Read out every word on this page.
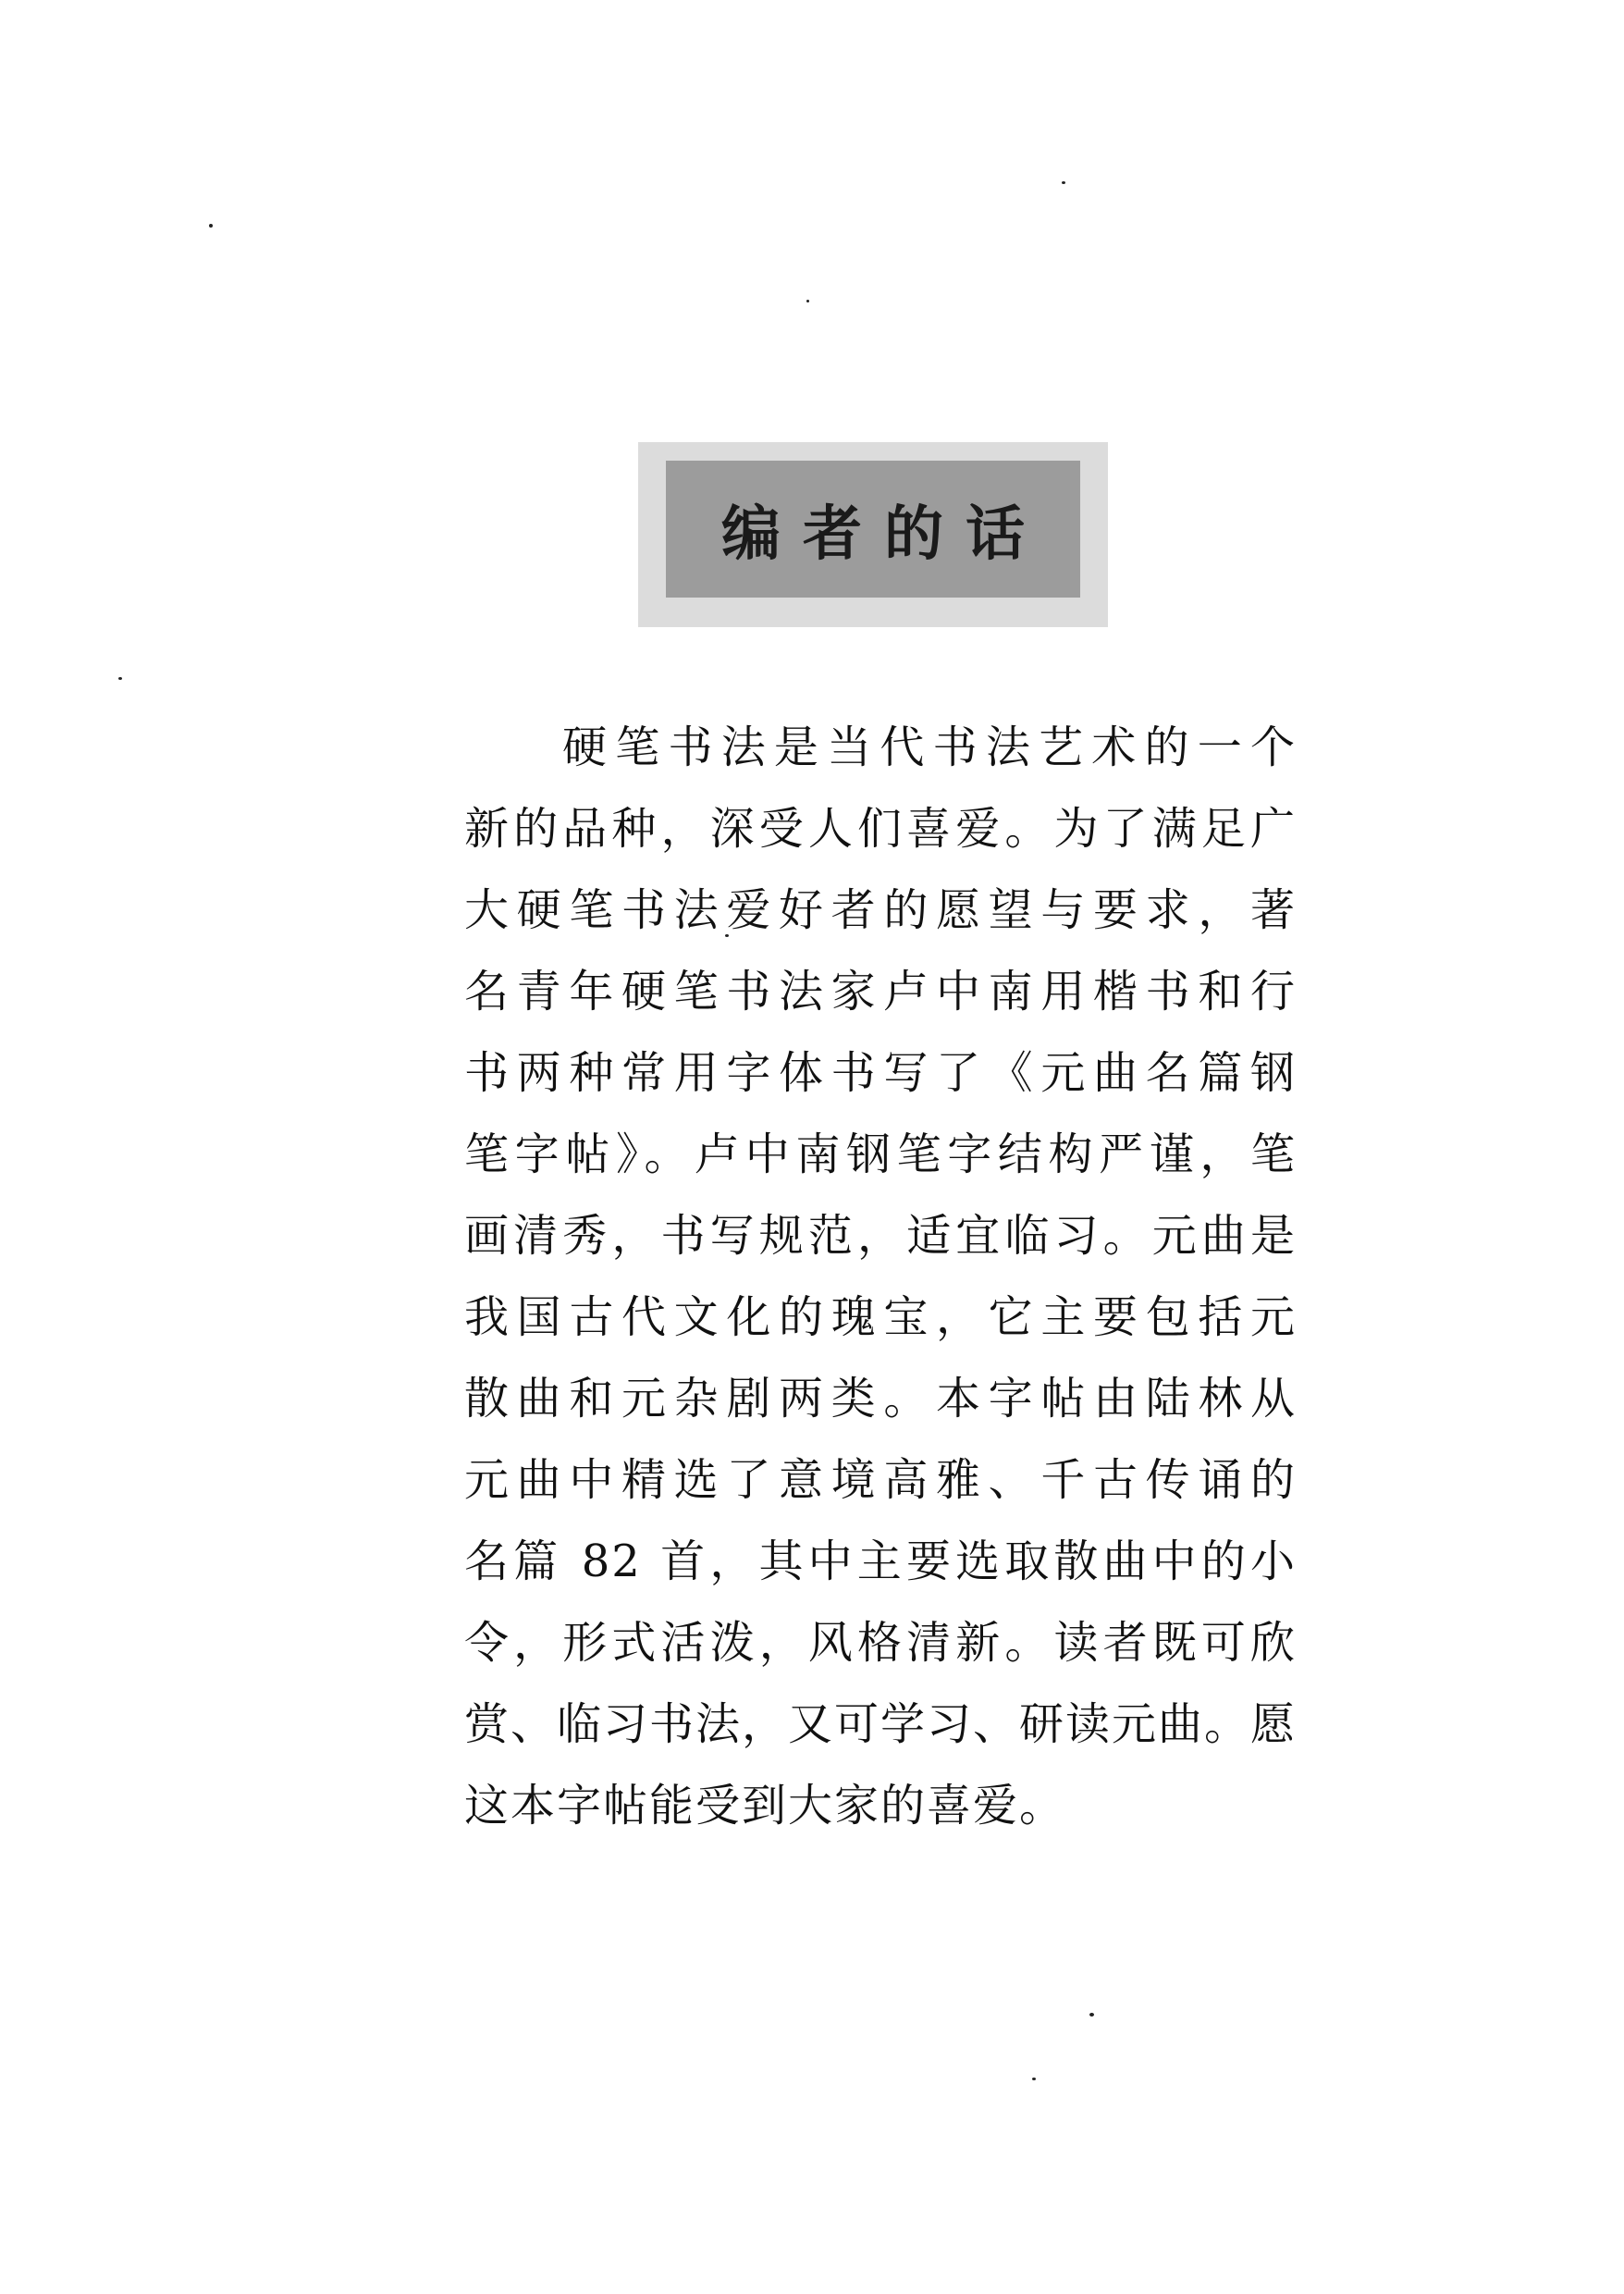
编者的话
硬笔书法是当代书法艺术的一个
新的品种，深受人们喜爱。为了满足广
大硬笔书法爱好者的愿望与要求，著
名青年硬笔书法家卢中南用楷书和行
书两种常用字体书写了《元曲名篇钢
笔字帖》。卢中南钢笔字结构严谨，笔
画清秀，书写规范，适宜临习。元曲是
我国古代文化的瑰宝，它主要包括元
散曲和元杂剧两类。本字帖由陆林从
元曲中精选了意境高雅、千古传诵的
名篇 82 首，其中主要选取散曲中的小
令，形式活泼，风格清新。读者既可欣
赏、临习书法，又可学习、研读元曲。愿
这本字帖能受到大家的喜爱。
